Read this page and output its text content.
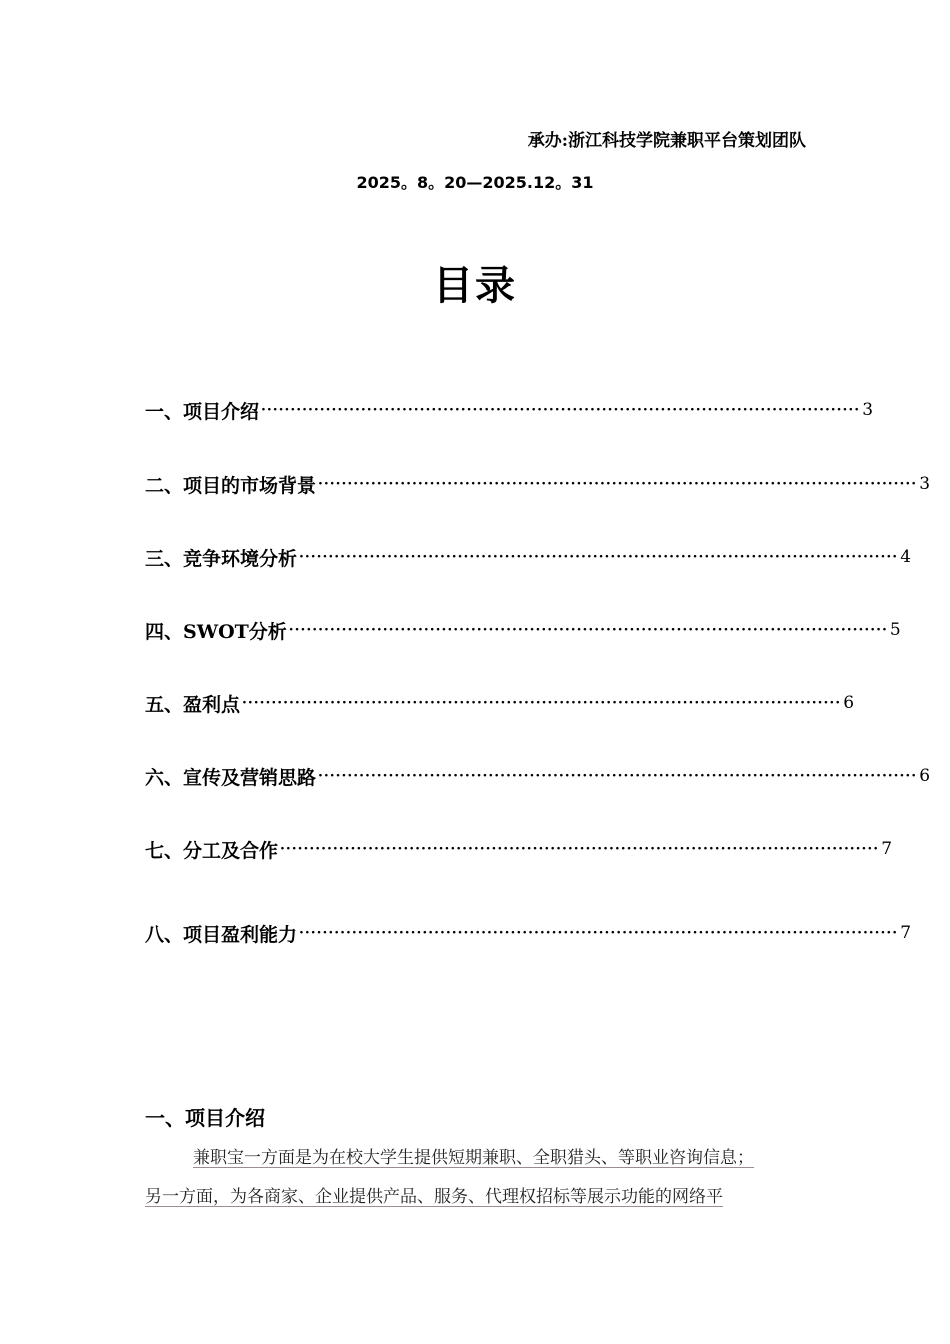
承办:浙江科技学院兼职平台策划团队
2025。8。20—2025.12。31
目录
一、 项目介绍 ······································································································ 3
二、 项目的市场背景 ······································································································ 3
三、 竞争环境分析 ······································································································ 4
四、 SWOT分析 ······································································································ 5
五、 盈利点 ······································································································ 6
六、 宣传及营销思路 ······································································································ 6
七、 分工及合作 ······································································································ 7
八、 项目盈利能力 ······································································································ 7
一、项目介绍
兼职宝一方面是为在校大学生提供短期兼职、全职猎头、等职业咨询信息；
另一方面，为各商家、企业提供产品、服务、代理权招标等展示功能的网络平
